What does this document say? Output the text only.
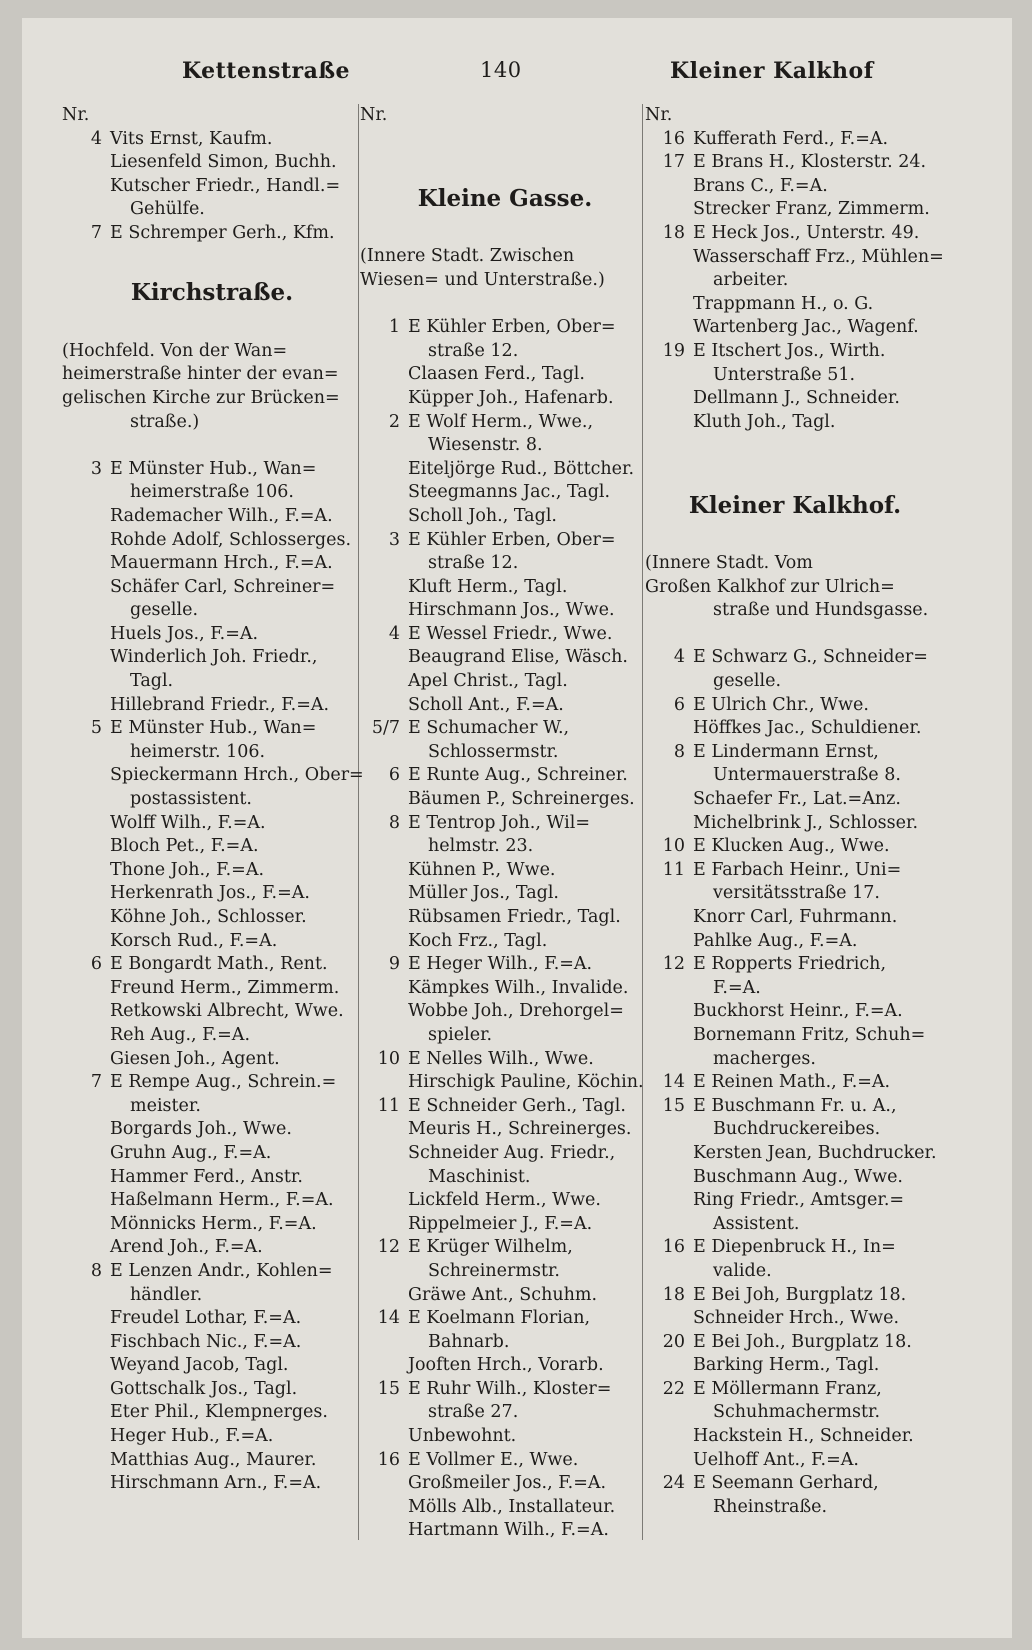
Kettenstraße	140	Kleiner Kalkhof
Nr.
4 Vits Ernst, Kaufm.
Liesenfeld Simon, Buchh.
Kutscher Friedr., Handl.=
Gehülfe.
7 E Schremper Gerh., Kfm.
Kirchstraße.
(Hochfeld. Von der Wan=
heimerstraße hinter der evan=
gelischen Kirche zur Brücken=
straße.)
3 E Münster Hub., Wan=
heimerstraße 106.
Rademacher Wilh., F.=A.
Rohde Adolf, Schlosserges.
Mauermann Hrch., F.=A.
Schäfer Carl, Schreiner=
geselle.
Huels Jos., F.=A.
Winderlich Joh. Friedr.,
Tagl.
Hillebrand Friedr., F.=A.
5 E Münster Hub., Wan=
heimerstr. 106.
Spieckermann Hrch., Ober=
postassistent.
Wolff Wilh., F.=A.
Bloch Pet., F.=A.
Thone Joh., F.=A.
Herkenrath Jos., F.=A.
Köhne Joh., Schlosser.
Korsch Rud., F.=A.
6 E Bongardt Math., Rent.
Freund Herm., Zimmerm.
Retkowski Albrecht, Wwe.
Reh Aug., F.=A.
Giesen Joh., Agent.
7 E Rempe Aug., Schrein.=
meister.
Borgards Joh., Wwe.
Gruhn Aug., F.=A.
Hammer Ferd., Anstr.
Haßelmann Herm., F.=A.
Mönnicks Herm., F.=A.
Arend Joh., F.=A.
8 E Lenzen Andr., Kohlen=
händler.
Freudel Lothar, F.=A.
Fischbach Nic., F.=A.
Weyand Jacob, Tagl.
Gottschalk Jos., Tagl.
Eter Phil., Klempnerges.
Heger Hub., F.=A.
Matthias Aug., Maurer.
Hirschmann Arn., F.=A.
Nr.
Kleine Gasse.
(Innere Stadt. Zwischen
Wiesen= und Unterstraße.)
1 E Kühler Erben, Ober=
straße 12.
Claasen Ferd., Tagl.
Küpper Joh., Hafenarb.
2 E Wolf Herm., Wwe.,
Wiesenstr. 8.
Eiteljörge Rud., Böttcher.
Steegmanns Jac., Tagl.
Scholl Joh., Tagl.
3 E Kühler Erben, Ober=
straße 12.
Kluft Herm., Tagl.
Hirschmann Jos., Wwe.
4 E Wessel Friedr., Wwe.
Beaugrand Elise, Wäsch.
Apel Christ., Tagl.
Scholl Ant., F.=A.
5/7 E Schumacher W.,
Schlossermstr.
6 E Runte Aug., Schreiner.
Bäumen P., Schreinerges.
8 E Tentrop Joh., Wil=
helmstr. 23.
Kühnen P., Wwe.
Müller Jos., Tagl.
Rübsamen Friedr., Tagl.
Koch Frz., Tagl.
9 E Heger Wilh., F.=A.
Kämpkes Wilh., Invalide.
Wobbe Joh., Drehorgel=
spieler.
10 E Nelles Wilh., Wwe.
Hirschigk Pauline, Köchin.
11 E Schneider Gerh., Tagl.
Meuris H., Schreinerges.
Schneider Aug. Friedr.,
Maschinist.
Lickfeld Herm., Wwe.
Rippelmeier J., F.=A.
12 E Krüger Wilhelm,
Schreinermstr.
Gräwe Ant., Schuhm.
14 E Koelmann Florian,
Bahnarb.
Jooften Hrch., Vorarb.
15 E Ruhr Wilh., Kloster=
straße 27.
Unbewohnt.
16 E Vollmer E., Wwe.
Großmeiler Jos., F.=A.
Mölls Alb., Installateur.
Hartmann Wilh., F.=A.
Nr.
16 Kufferath Ferd., F.=A.
17 E Brans H., Klosterstr. 24.
Brans C., F.=A.
Strecker Franz, Zimmerm.
18 E Heck Jos., Unterstr. 49.
Wasserschaff Frz., Mühlen=
arbeiter.
Trappmann H., o. G.
Wartenberg Jac., Wagenf.
19 E Itschert Jos., Wirth.
Unterstraße 51.
Dellmann J., Schneider.
Kluth Joh., Tagl.
Kleiner Kalkhof.
(Innere Stadt. Vom
Großen Kalkhof zur Ulrich=
straße und Hundsgasse.
4 E Schwarz G., Schneider=
geselle.
6 E Ulrich Chr., Wwe.
Höffkes Jac., Schuldiener.
8 E Lindermann Ernst,
Untermauerstraße 8.
Schaefer Fr., Lat.=Anz.
Michelbrink J., Schlosser.
10 E Klucken Aug., Wwe.
11 E Farbach Heinr., Uni=
versitätsstraße 17.
Knorr Carl, Fuhrmann.
Pahlke Aug., F.=A.
12 E Ropperts Friedrich,
F.=A.
Buckhorst Heinr., F.=A.
Bornemann Fritz, Schuh=
macherges.
14 E Reinen Math., F.=A.
15 E Buschmann Fr. u. A.,
Buchdruckereibes.
Kersten Jean, Buchdrucker.
Buschmann Aug., Wwe.
Ring Friedr., Amtsger.=
Assistent.
16 E Diepenbruck H., In=
valide.
18 E Bei Joh, Burgplatz 18.
Schneider Hrch., Wwe.
20 E Bei Joh., Burgplatz 18.
Barking Herm., Tagl.
22 E Möllermann Franz,
Schuhmachermstr.
Hackstein H., Schneider.
Uelhoff Ant., F.=A.
24 E Seemann Gerhard,
Rheinstraße.
